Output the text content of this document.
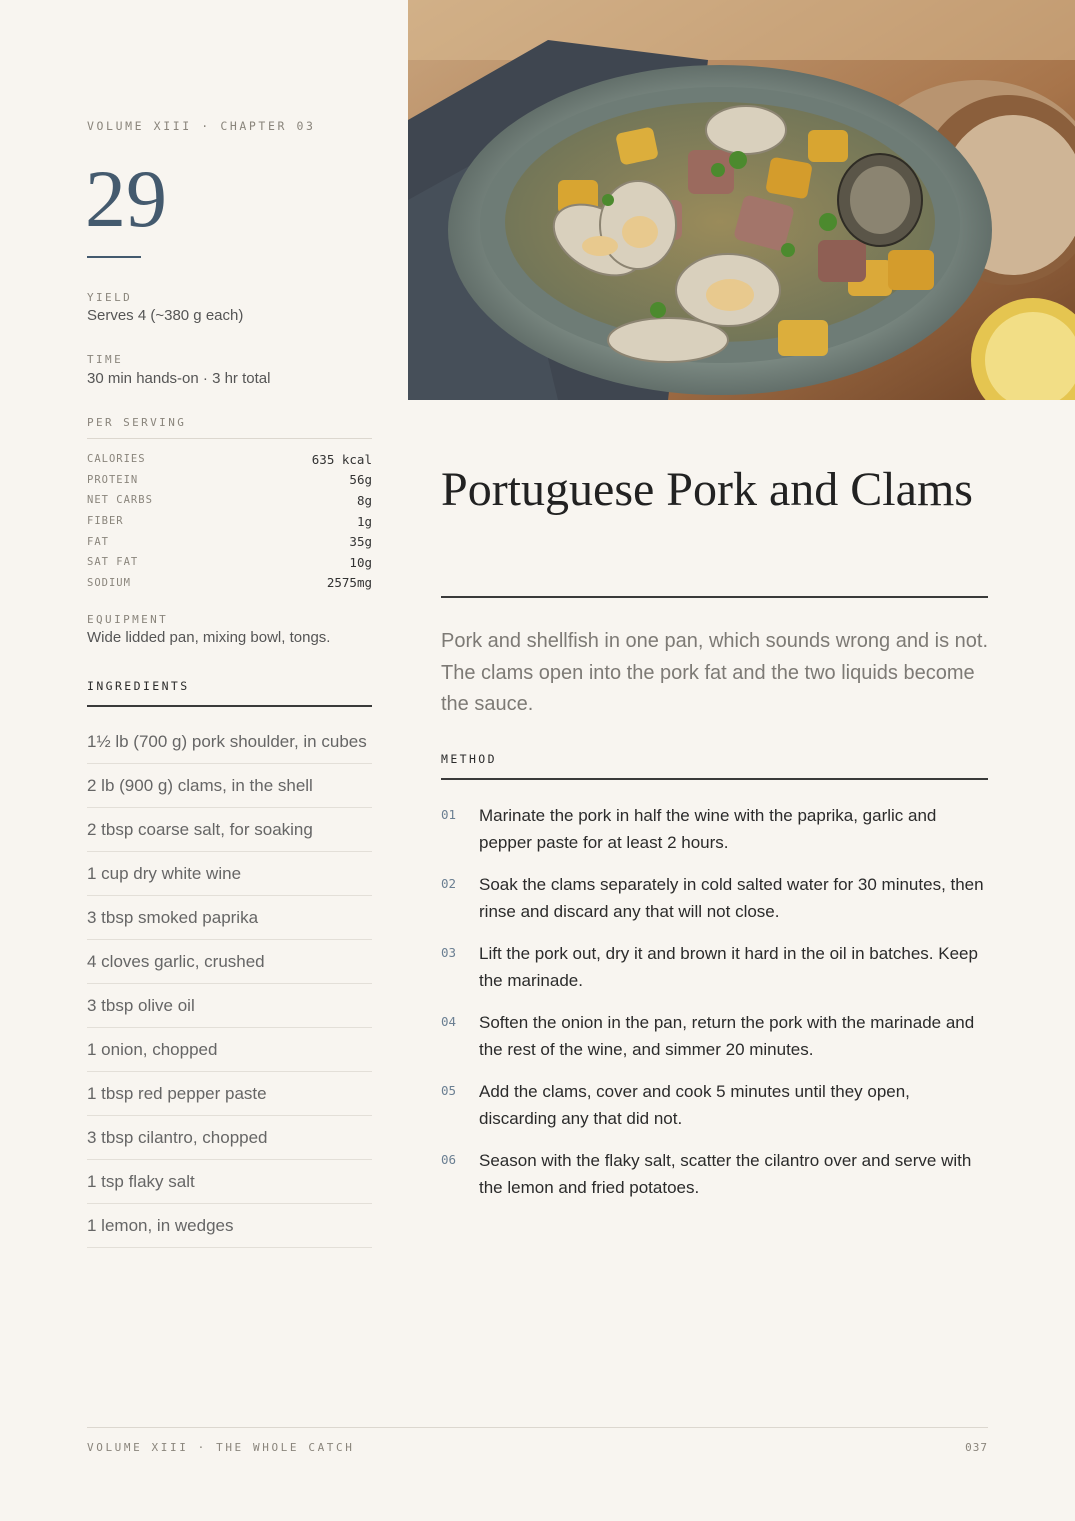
VOLUME XIII · CHAPTER 03
29
YIELD
Serves 4 (~380 g each)
TIME
30 min hands-on · 3 hr total
PER SERVING
CALORIES	635 kcal
PROTEIN	56g
NET CARBS	8g
FIBER	1g
FAT	35g
SAT FAT	10g
SODIUM	2575mg
EQUIPMENT
Wide lidded pan, mixing bowl, tongs.
INGREDIENTS
1½ lb (700 g) pork shoulder, in cubes
2 lb (900 g) clams, in the shell
2 tbsp coarse salt, for soaking
1 cup dry white wine
3 tbsp smoked paprika
4 cloves garlic, crushed
3 tbsp olive oil
1 onion, chopped
1 tbsp red pepper paste
3 tbsp cilantro, chopped
1 tsp flaky salt
1 lemon, in wedges
Portuguese Pork and Clams

Pork and shellfish in one pan, which sounds wrong and is not. The clams open into the pork fat and the two liquids become the sauce.

METHOD
01	Marinate the pork in half the wine with the paprika, garlic and pepper paste for at least 2 hours.
02	Soak the clams separately in cold salted water for 30 minutes, then rinse and discard any that will not close.
03	Lift the pork out, dry it and brown it hard in the oil in batches. Keep the marinade.
04	Soften the onion in the pan, return the pork with the marinade and the rest of the wine, and simmer 20 minutes.
05	Add the clams, cover and cook 5 minutes until they open, discarding any that did not.
06	Season with the flaky salt, scatter the cilantro over and serve with the lemon and fried potatoes.
VOLUME XIII · THE WHOLE CATCH	037
